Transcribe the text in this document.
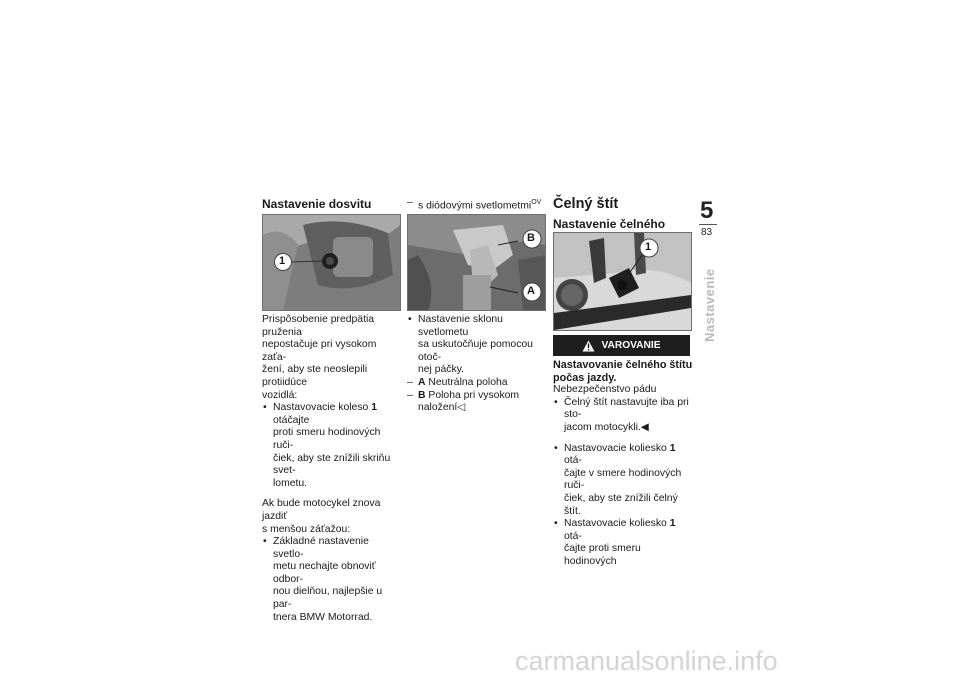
Nastavenie dosvitu

1

Prispôsobenie predpätia pruženia

nepostačuje pri vysokom zaťa-

žení, aby ste neoslepili protiidúce

vozidlá:

• Nastavovacie koleso 1 otáčajte
proti smeru hodinových ruči-
čiek, aby ste znížili skriňu svet-
lometu.

Ak bude motocykel znova jazdiť

s menšou záťažou:

• Základné nastavenie svetlo-
metu nechajte obnoviť odbor-
nou dielňou, najlepšie u par-
tnera BMW Motorrad.
– s diódovými svetlometmi$^{OV}$
B
A
• Nastavenie sklonu svetlometu
sa uskutočňuje pomocou otoč-
nej páčky.
– A Neutrálna poloha
– B Poloha pri vysokom
naložení◁

Čelný štít

Nastavenie čelného

1
VAROVANIE

Nastavovanie čelného štítu

počas jazdy.

Nebezpečenstvo pádu

• Čelný štít nastavujte iba pri sto-
jacom motocykli.◀
• Nastavovacie koliesko 1 otá-
čajte v smere hodinových ruči-
čiek, aby ste znížili čelný štít.
• Nastavovacie koliesko 1 otá-
čajte proti smeru hodinových
5
83
Nastavenie
carmanualsonline.info
